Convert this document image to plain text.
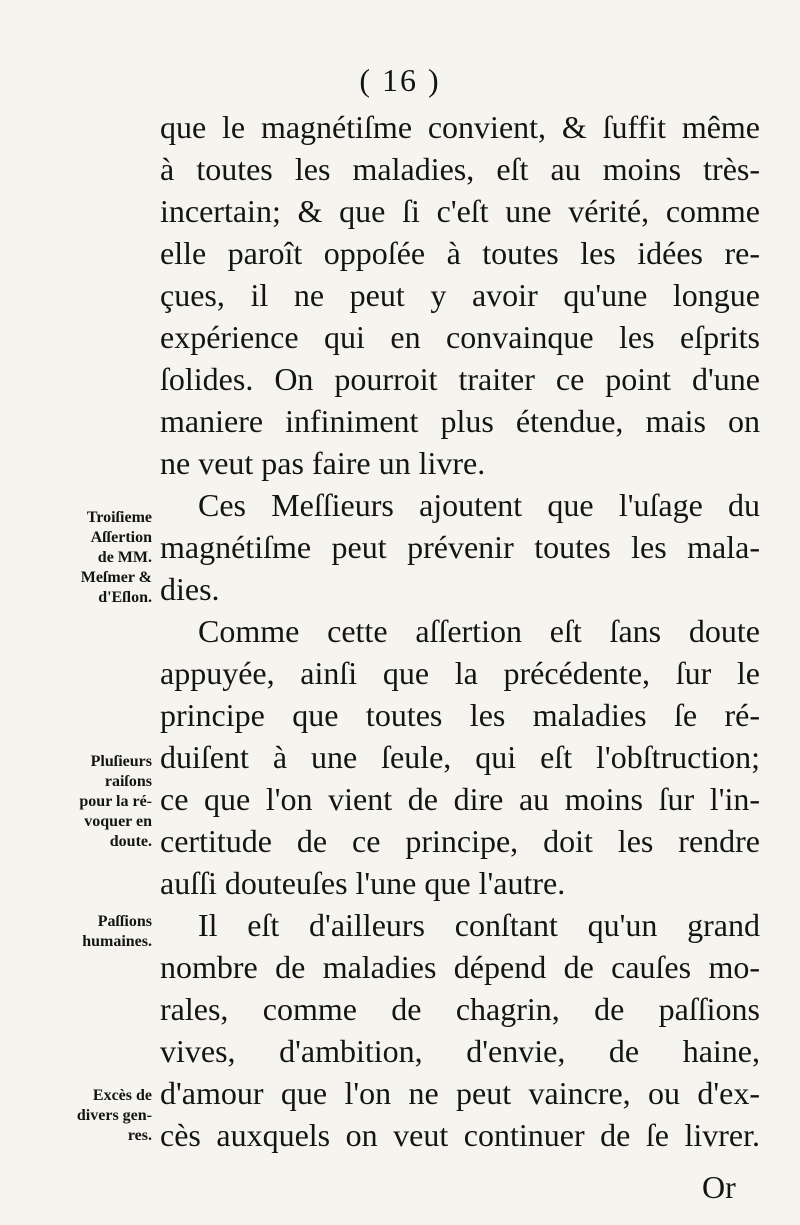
( 16 )
que le magnétiſme convient, & ſuffit même
à toutes les maladies, eſt au moins très-
incertain; & que ſi c'eſt une vérité, comme
elle paroît oppoſée à toutes les idées re-
çues, il ne peut y avoir qu'une longue
expérience qui en convainque les eſprits
ſolides. On pourroit traiter ce point d'une
maniere infiniment plus étendue, mais on
ne veut pas faire un livre.
Ces Meſſieurs ajoutent que l'uſage du
magnétiſme peut prévenir toutes les mala-
dies.
Comme cette aſſertion eſt ſans doute
appuyée, ainſi que la précédente, ſur le
principe que toutes les maladies ſe ré-
duiſent à une ſeule, qui eſt l'obſtruction;
ce que l'on vient de dire au moins ſur l'in-
certitude de ce principe, doit les rendre
auſſi douteuſes l'une que l'autre.
Il eſt d'ailleurs conſtant qu'un grand
nombre de maladies dépend de cauſes mo-
rales, comme de chagrin, de paſſions
vives, d'ambition, d'envie, de haine,
d'amour que l'on ne peut vaincre, ou d'ex-
cès auxquels on veut continuer de ſe livrer.
Troiſieme
Aſſertion
de MM.
Meſmer &
d'Eſlon.
Pluſieurs
raiſons
pour la ré-
voquer en
doute.
Paſſions
humaines.
Excès de
divers gen-
res.
Or
